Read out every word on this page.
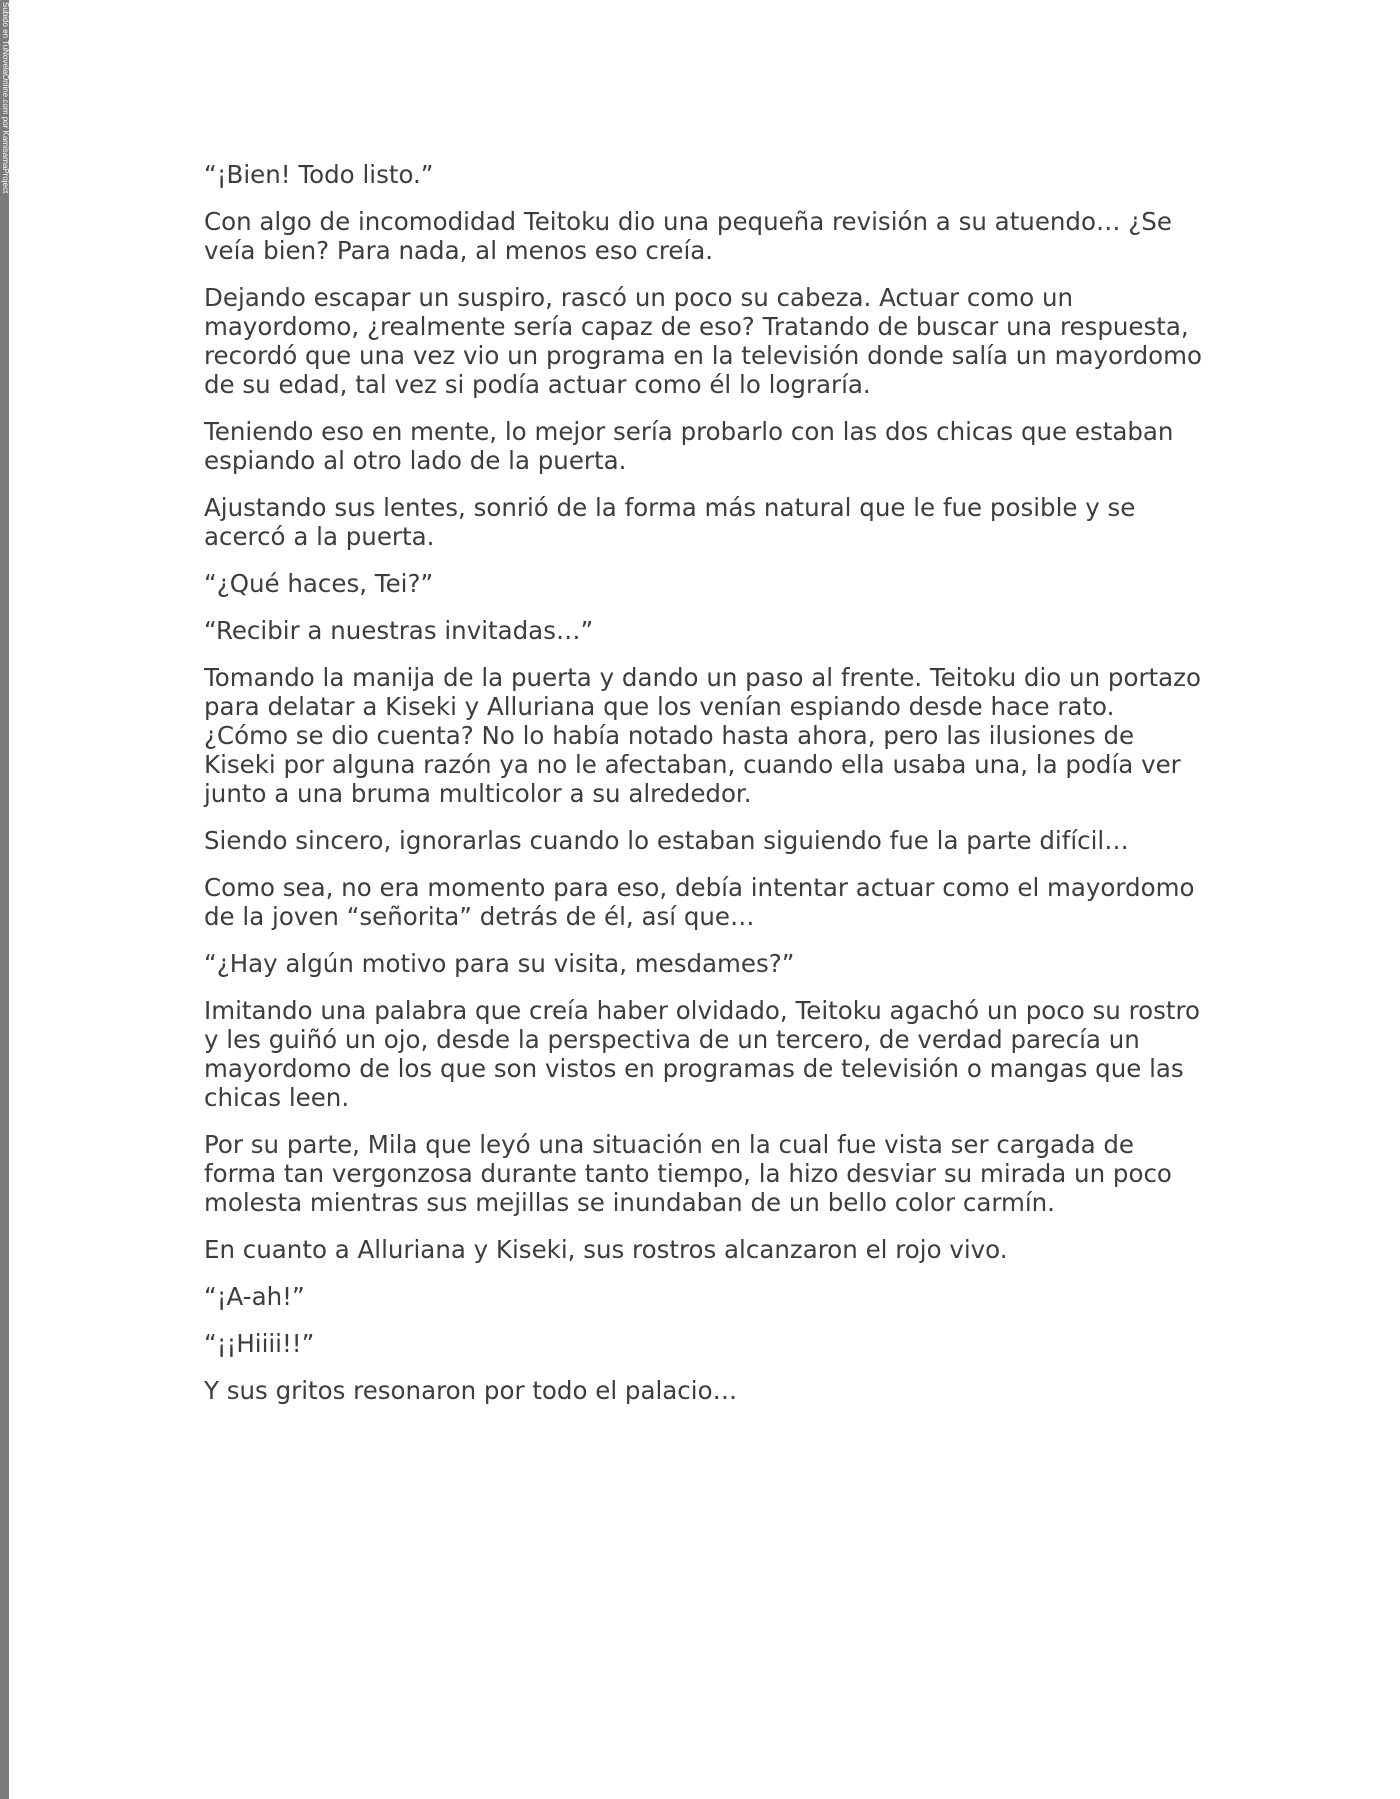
Subido en TuNovelaOnline.com por KamisamaProject	“¡Bien! Todo listo.”

Con algo de incomodidad Teitoku dio una pequeña revisión a su atuendo… ¿Se veía bien? Para nada, al menos eso creía.

Dejando escapar un suspiro, rascó un poco su cabeza. Actuar como un mayordomo, ¿realmente sería capaz de eso? Tratando de buscar una respuesta, recordó que una vez vio un programa en la televisión donde salía un mayordomo de su edad, tal vez si podía actuar como él lo lograría.

Teniendo eso en mente, lo mejor sería probarlo con las dos chicas que estaban espiando al otro lado de la puerta.

Ajustando sus lentes, sonrió de la forma más natural que le fue posible y se acercó a la puerta.

“¿Qué haces, Tei?”

“Recibir a nuestras invitadas…”

Tomando la manija de la puerta y dando un paso al frente. Teitoku dio un portazo para delatar a Kiseki y Alluriana que los venían espiando desde hace rato. ¿Cómo se dio cuenta? No lo había notado hasta ahora, pero las ilusiones de Kiseki por alguna razón ya no le afectaban, cuando ella usaba una, la podía ver junto a una bruma multicolor a su alrededor.

Siendo sincero, ignorarlas cuando lo estaban siguiendo fue la parte difícil…

Como sea, no era momento para eso, debía intentar actuar como el mayordomo de la joven “señorita” detrás de él, así que…

“¿Hay algún motivo para su visita, mesdames?”

Imitando una palabra que creía haber olvidado, Teitoku agachó un poco su rostro y les guiñó un ojo, desde la perspectiva de un tercero, de verdad parecía un mayordomo de los que son vistos en programas de televisión o mangas que las chicas leen.

Por su parte, Mila que leyó una situación en la cual fue vista ser cargada de forma tan vergonzosa durante tanto tiempo, la hizo desviar su mirada un poco molesta mientras sus mejillas se inundaban de un bello color carmín.

En cuanto a Alluriana y Kiseki, sus rostros alcanzaron el rojo vivo.

“¡A-ah!”

“¡¡Hiiii!!”

Y sus gritos resonaron por todo el palacio…
